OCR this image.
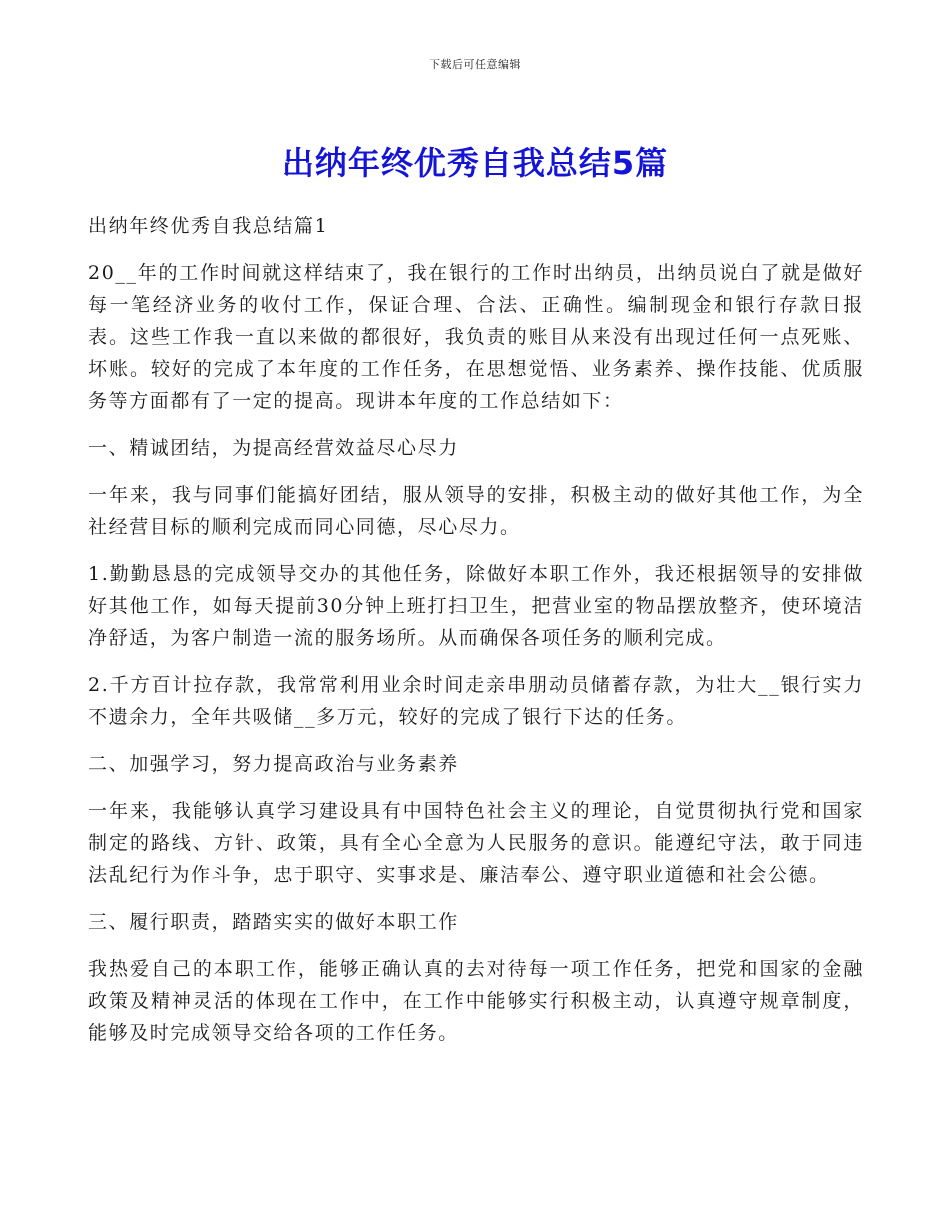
下载后可任意编辑
出纳年终优秀自我总结5篇

出纳年终优秀自我总结篇1

20__年的工作时间就这样结束了，我在银行的工作时出纳员，出纳员说白了就是做好每一笔经济业务的收付工作，保证合理、合法、正确性。编制现金和银行存款日报表。这些工作我一直以来做的都很好，我负责的账目从来没有出现过任何一点死账、坏账。较好的完成了本年度的工作任务，在思想觉悟、业务素养、操作技能、优质服务等方面都有了一定的提高。现讲本年度的工作总结如下：

一、精诚团结，为提高经营效益尽心尽力

一年来，我与同事们能搞好团结，服从领导的安排，积极主动的做好其他工作，为全社经营目标的顺利完成而同心同德，尽心尽力。

1.勤勤恳恳的完成领导交办的其他任务，除做好本职工作外，我还根据领导的安排做好其他工作，如每天提前30分钟上班打扫卫生，把营业室的物品摆放整齐，使环境洁净舒适，为客户制造一流的服务场所。从而确保各项任务的顺利完成。

2.千方百计拉存款，我常常利用业余时间走亲串朋动员储蓄存款，为壮大__银行实力不遗余力，全年共吸储__多万元，较好的完成了银行下达的任务。

二、加强学习，努力提高政治与业务素养

一年来，我能够认真学习建设具有中国特色社会主义的理论，自觉贯彻执行党和国家制定的路线、方针、政策，具有全心全意为人民服务的意识。能遵纪守法，敢于同违法乱纪行为作斗争，忠于职守、实事求是、廉洁奉公、遵守职业道德和社会公德。

三、履行职责，踏踏实实的做好本职工作

我热爱自己的本职工作，能够正确认真的去对待每一项工作任务，把党和国家的金融政策及精神灵活的体现在工作中，在工作中能够实行积极主动，认真遵守规章制度，能够及时完成领导交给各项的工作任务。
